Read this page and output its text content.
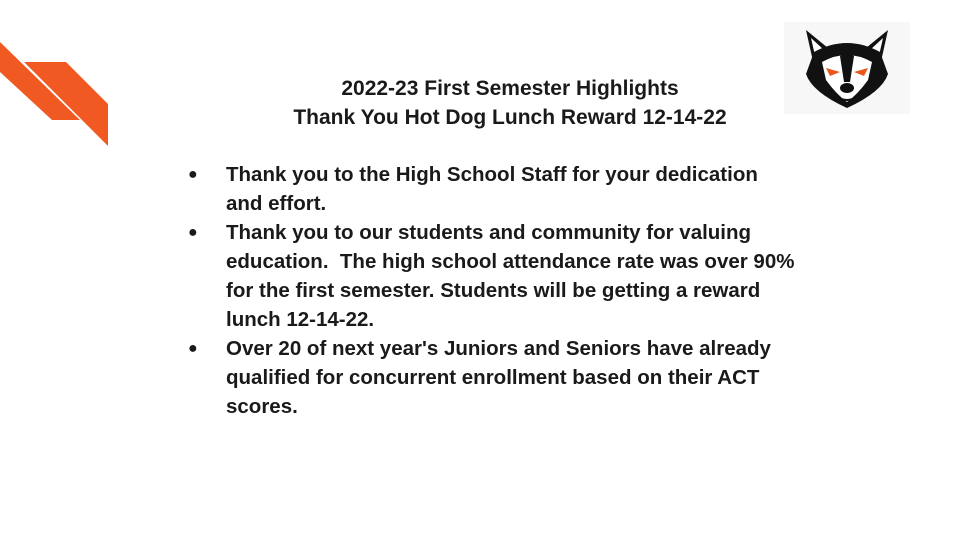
2022-23 First Semester Highlights
Thank You Hot Dog Lunch Reward 12-14-22
● Thank you to the High School Staff for your dedication
and effort.
● Thank you to our students and community for valuing
education.  The high school attendance rate was over 90%
for the first semester. Students will be getting a reward
lunch 12-14-22.
● Over 20 of next year's Juniors and Seniors have already
qualified for concurrent enrollment based on their ACT
scores.
